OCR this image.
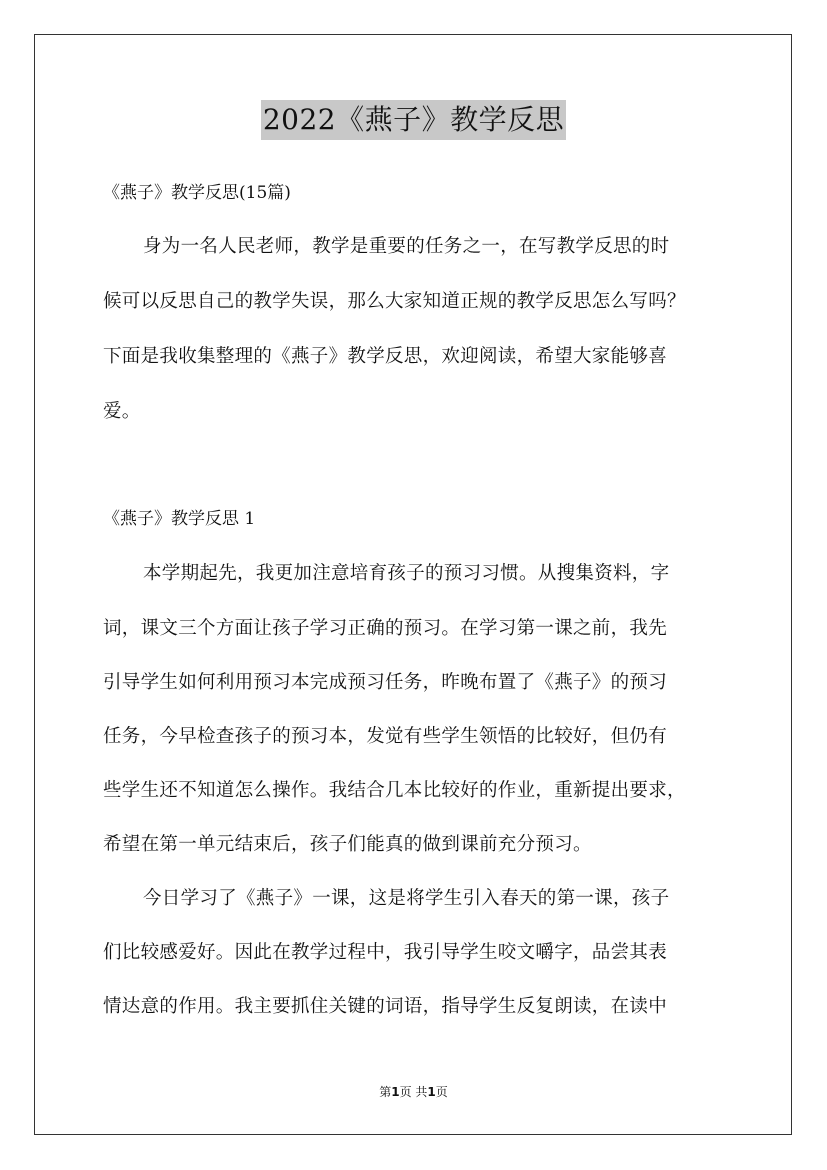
2022《燕子》教学反思
《燕子》教学反思(15篇)
身为一名人民老师，教学是重要的任务之一，在写教学反思的时
候可以反思自己的教学失误，那么大家知道正规的教学反思怎么写吗？
下面是我收集整理的《燕子》教学反思，欢迎阅读，希望大家能够喜
爱。
《燕子》教学反思 1
本学期起先，我更加注意培育孩子的预习习惯。从搜集资料，字
词，课文三个方面让孩子学习正确的预习。在学习第一课之前，我先
引导学生如何利用预习本完成预习任务，昨晚布置了《燕子》的预习
任务，今早检查孩子的预习本，发觉有些学生领悟的比较好，但仍有
些学生还不知道怎么操作。我结合几本比较好的作业，重新提出要求，
希望在第一单元结束后，孩子们能真的做到课前充分预习。
今日学习了《燕子》一课，这是将学生引入春天的第一课，孩子
们比较感爱好。因此在教学过程中，我引导学生咬文嚼字，品尝其表
情达意的作用。我主要抓住关键的词语，指导学生反复朗读，在读中
第1页 共1页
